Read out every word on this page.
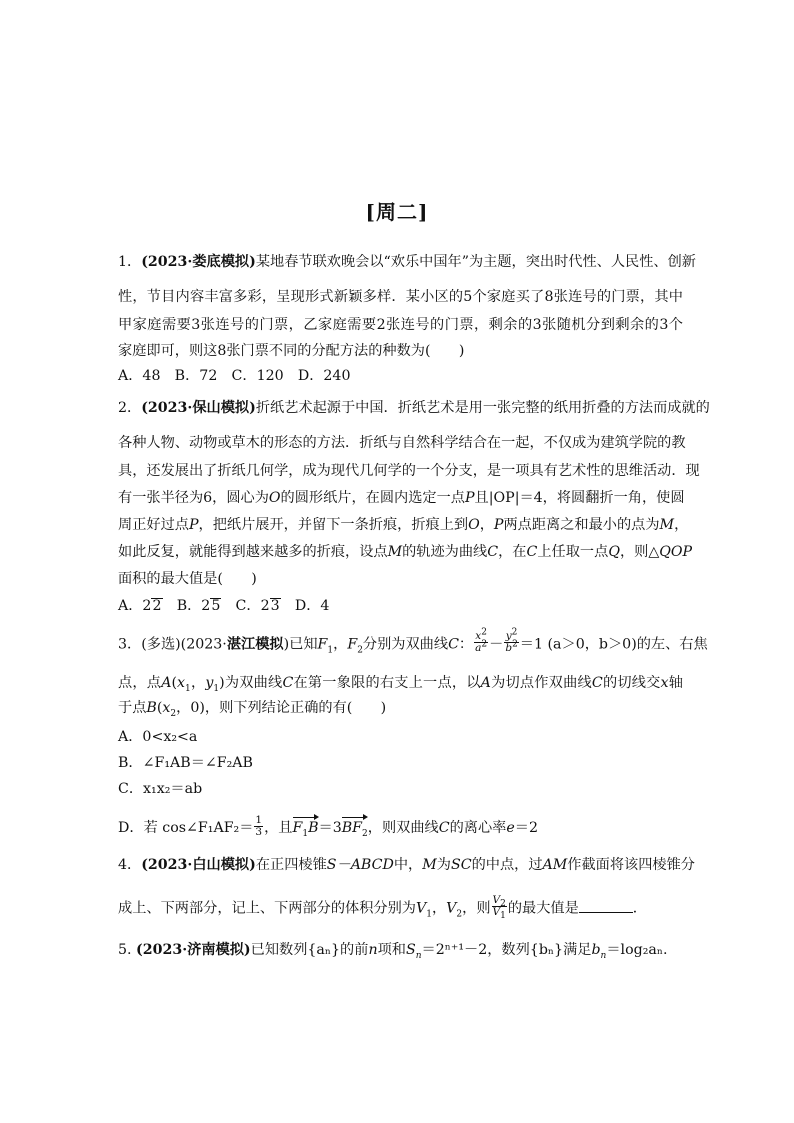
[周二]
1．(2023·娄底模拟)某地春节联欢晚会以“欢乐中国年”为主题，突出时代性、人民性、创新
性，节目内容丰富多彩，呈现形式新颖多样．某小区的5个家庭买了8张连号的门票，其中
甲家庭需要3张连号的门票，乙家庭需要2张连号的门票，剩余的3张随机分到剩余的3个
家庭即可，则这8张门票不同的分配方法的种数为(　　)
A．48　B．72　C．120　D．240
2．(2023·保山模拟)折纸艺术起源于中国．折纸艺术是用一张完整的纸用折叠的方法而成就的
各种人物、动物或草木的形态的方法．折纸与自然科学结合在一起，不仅成为建筑学院的教
具，还发展出了折纸几何学，成为现代几何学的一个分支，是一项具有艺术性的思维活动．现
有一张半径为6，圆心为O的圆形纸片，在圆内选定一点P且|OP|＝4，将圆翻折一角，使圆
周正好过点P，把纸片展开，并留下一条折痕，折痕上到O，P两点距离之和最小的点为M，
如此反复，就能得到越来越多的折痕，设点M的轨迹为曲线C，在C上任取一点Q，则△QOP
面积的最大值是(　　)
A．22　B．25　C．23　D．4
3．(多选)(2023·湛江模拟)已知$F_1$，$F_2$分别为双曲线C： $\frac{x^2}{a^2} - \frac{y^2}{b^2} =1$ (a＞0，b＞0)的左、右焦
点，点$A(x_1$，$y_1$)为双曲线C在第一象限的右支上一点，以A为切点作双曲线C的切线交x轴
于点$B(x_2$，0)，则下列结论正确的有(　　)
A．0<x₂<a
B．∠F₁AB＝∠F₂AB
C．x₁x₂＝ab
D．若 cos∠F₁AF₂＝ $\frac{1}{3}$ ，且$F_1B=3BF_2$，则双曲线C的离心率e＝2
4．(2023·白山模拟)在正四棱锥S－ABCD中，M为SC的中点，过AM作截面将该四棱锥分
成上、下两部分，记上、下两部分的体积分别为$V_1$，$V_2$，则 $\frac{V_2}{V_1}$ 的最大值是	．
5. (2023·济南模拟)已知数列{aₙ}的前n项和$S_n=2^{n+1}-2$，数列{bₙ}满足$b_n=\log_2a_n$.
